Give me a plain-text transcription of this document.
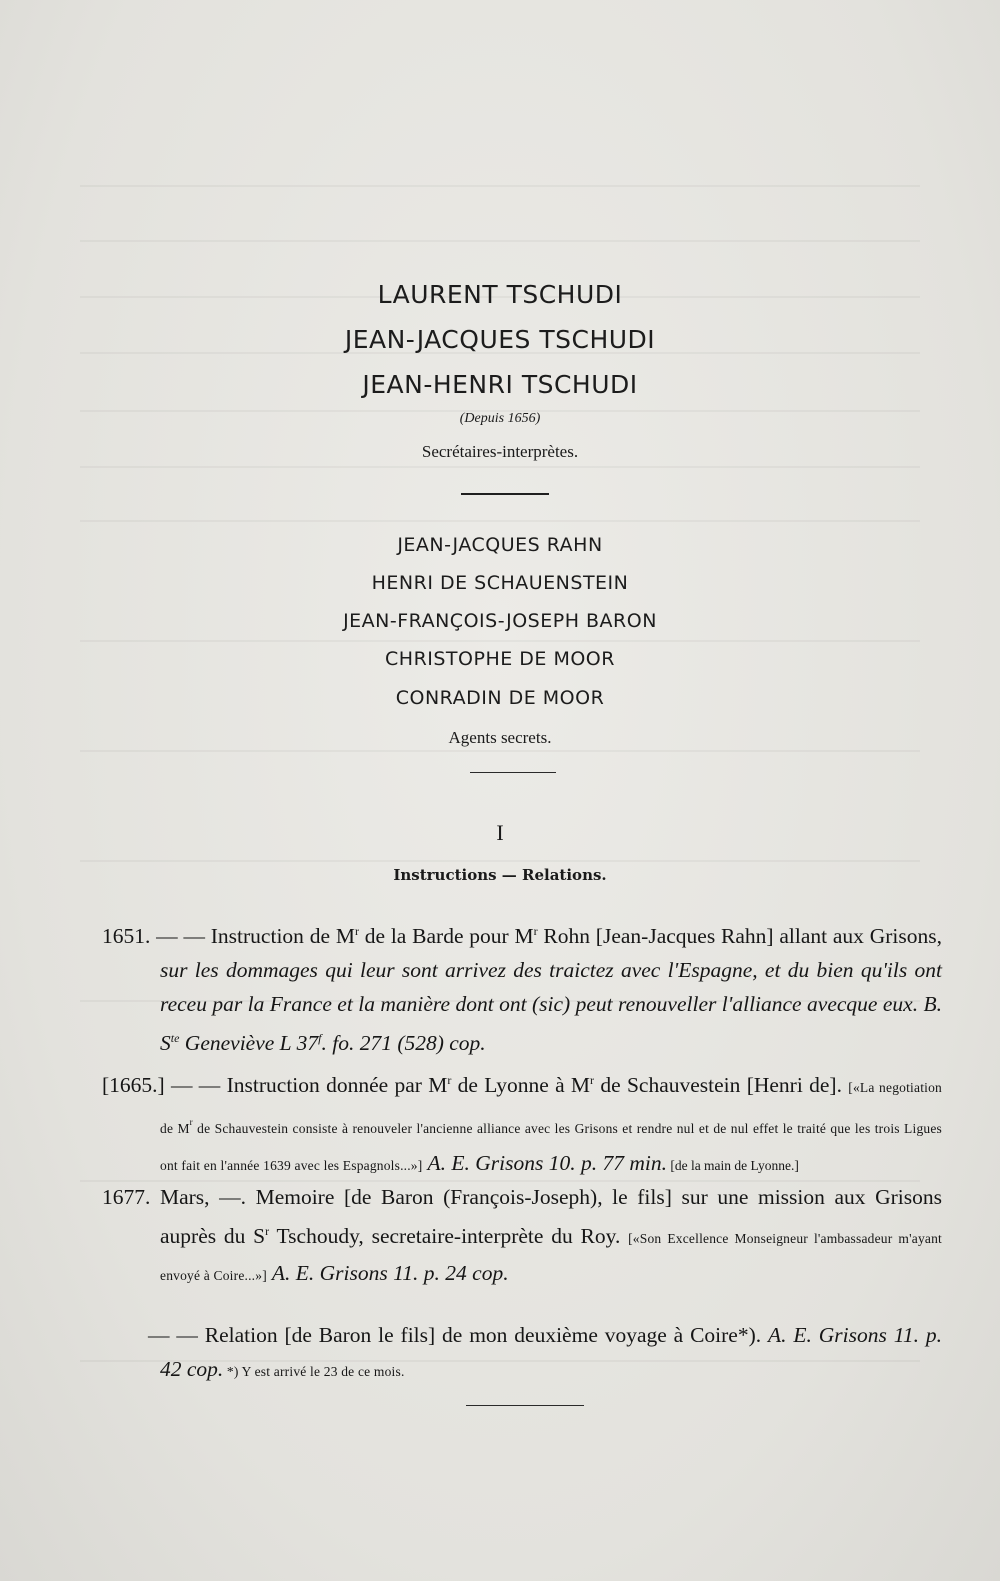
LAURENT TSCHUDI
JEAN-JACQUES TSCHUDI
JEAN-HENRI TSCHUDI
(Depuis 1656)
Secrétaires-interprètes.
JEAN-JACQUES RAHN
HENRI DE SCHAUENSTEIN
JEAN-FRANÇOIS-JOSEPH BARON
CHRISTOPHE DE MOOR
CONRADIN DE MOOR
Agents secrets.
I
Instructions — Relations.

1651. — — Instruction de $M^r$ de la Barde pour $M^r$ Rohn [Jean-Jacques Rahn] allant aux Grisons, sur les dommages qui leur sont arrivez des traictez avec l'Espagne, et du bien qu'ils ont receu par la France et la manière dont ont (sic) peut renouveller l'alliance avecque eux. B. $S^{te}$ Geneviève L 37$^f$. fo. 271 (528) cop.

[1665.] — — Instruction donnée par $M^r$ de Lyonne à $M^r$ de Schauvestein [Henri de]. [«La negotiation de $M^r$ de Schauvestein consiste à renouveler l'ancienne alliance avec les Grisons et rendre nul et de nul effet le traité que les trois Ligues ont fait en l'année 1639 avec les Espagnols...»] A. E. Grisons 10. p. 77 min. [de la main de Lyonne.]

1677. Mars, —. Memoire [de Baron (François-Joseph), le fils] sur une mission aux Grisons auprès du $S^r$ Tschoudy, secretaire-interprète du Roy. [«Son Excellence Monseigneur l'ambassadeur m'ayant envoyé à Coire...»] A. E. Grisons 11. p. 24 cop.

— — Relation [de Baron le fils] de mon deuxième voyage à Coire*). A. E. Grisons 11. p. 42 cop. *) Y est arrivé le 23 de ce mois.
